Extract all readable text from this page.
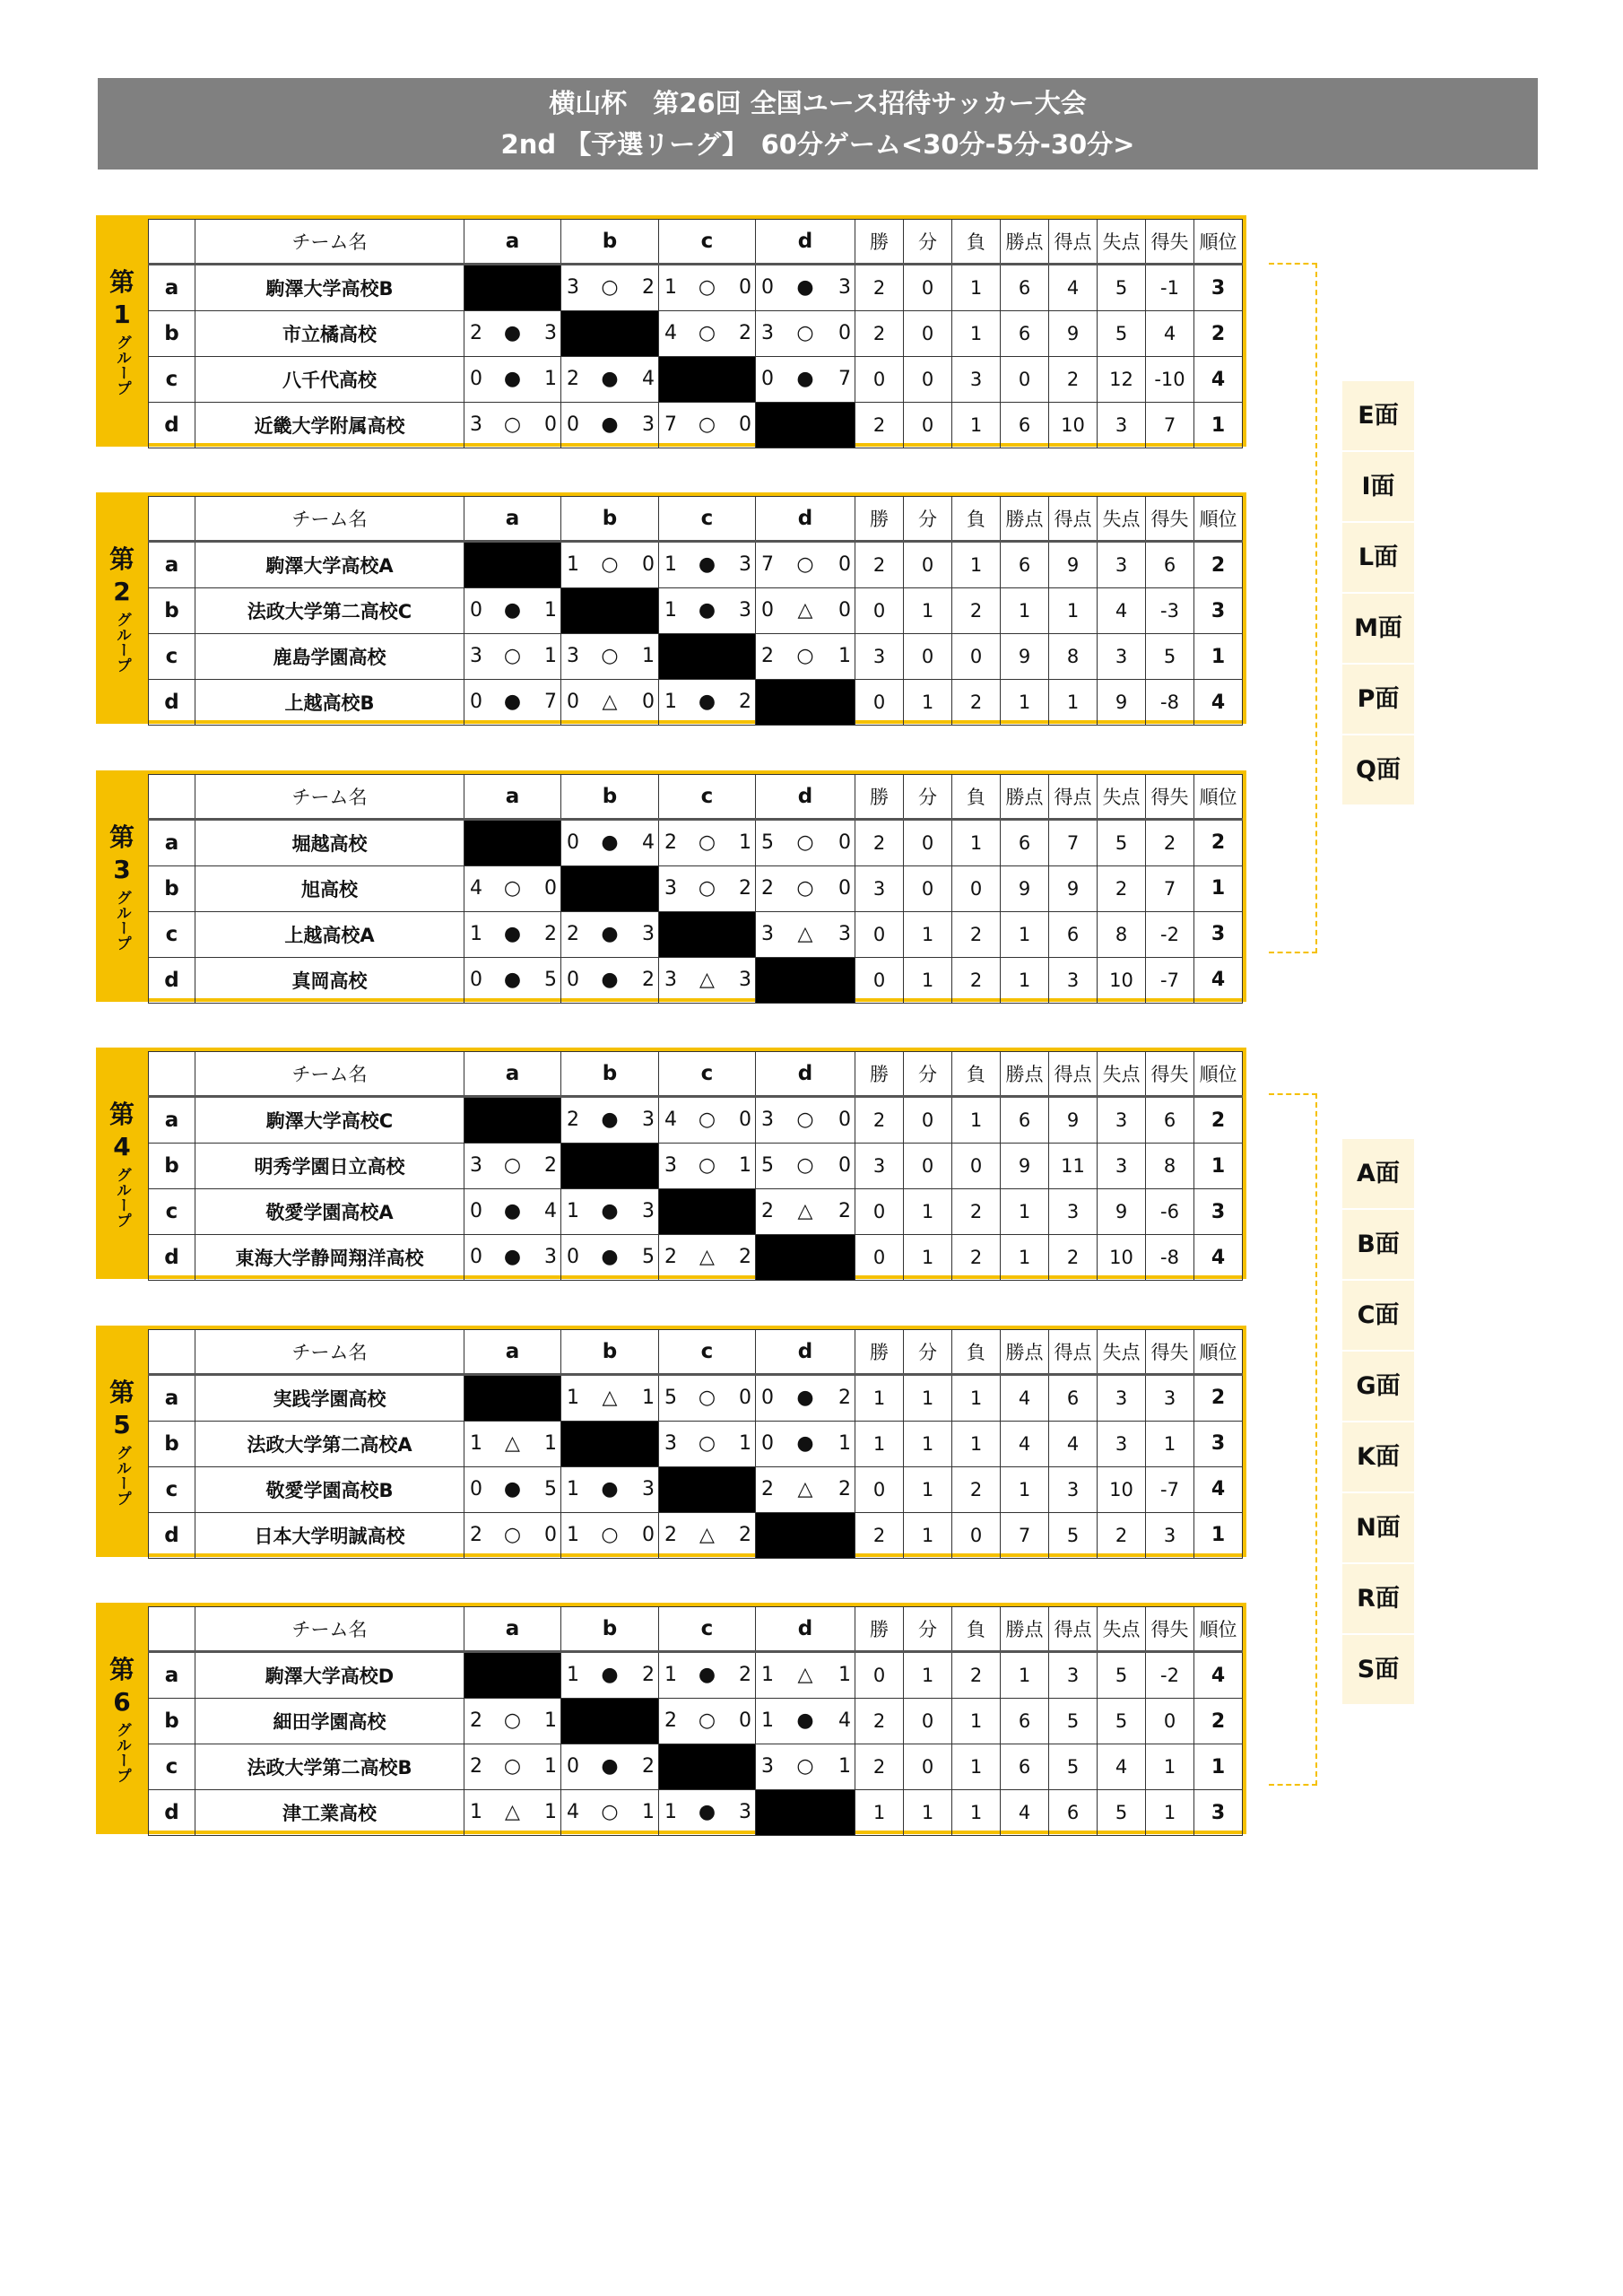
横山杯　第26回 全国ユース招待サッカー大会
2nd 【予選リーグ】　60分ゲーム<30分-5分-30分>
第
1
グループ
	チーム名	a	b	c	d	勝	分	負	勝点	得点	失点	得失	順位
a	駒澤大学高校B		3 ○ 2	1 ○ 0	0 ● 3	2	0	1	6	4	5	-1	3
b	市立橘高校	2 ● 3		4 ○ 2	3 ○ 0	2	0	1	6	9	5	4	2
c	八千代高校	0 ● 1	2 ● 4		0 ● 7	0	0	3	0	2	12	-10	4
d	近畿大学附属高校	3 ○ 0	0 ● 3	7 ○ 0		2	0	1	6	10	3	7	1
第
2
グループ
	チーム名	a	b	c	d	勝	分	負	勝点	得点	失点	得失	順位
a	駒澤大学高校A		1 ○ 0	1 ● 3	7 ○ 0	2	0	1	6	9	3	6	2
b	法政大学第二高校C	0 ● 1		1 ● 3	0 △ 0	0	1	2	1	1	4	-3	3
c	鹿島学園高校	3 ○ 1	3 ○ 1		2 ○ 1	3	0	0	9	8	3	5	1
d	上越高校B	0 ● 7	0 △ 0	1 ● 2		0	1	2	1	1	9	-8	4
第
3
グループ
	チーム名	a	b	c	d	勝	分	負	勝点	得点	失点	得失	順位
a	堀越高校		0 ● 4	2 ○ 1	5 ○ 0	2	0	1	6	7	5	2	2
b	旭高校	4 ○ 0		3 ○ 2	2 ○ 0	3	0	0	9	9	2	7	1
c	上越高校A	1 ● 2	2 ● 3		3 △ 3	0	1	2	1	6	8	-2	3
d	真岡高校	0 ● 5	0 ● 2	3 △ 3		0	1	2	1	3	10	-7	4
第
4
グループ
	チーム名	a	b	c	d	勝	分	負	勝点	得点	失点	得失	順位
a	駒澤大学高校C		2 ● 3	4 ○ 0	3 ○ 0	2	0	1	6	9	3	6	2
b	明秀学園日立高校	3 ○ 2		3 ○ 1	5 ○ 0	3	0	0	9	11	3	8	1
c	敬愛学園高校A	0 ● 4	1 ● 3		2 △ 2	0	1	2	1	3	9	-6	3
d	東海大学静岡翔洋高校	0 ● 3	0 ● 5	2 △ 2		0	1	2	1	2	10	-8	4
第
5
グループ
	チーム名	a	b	c	d	勝	分	負	勝点	得点	失点	得失	順位
a	実践学園高校		1 △ 1	5 ○ 0	0 ● 2	1	1	1	4	6	3	3	2
b	法政大学第二高校A	1 △ 1		3 ○ 1	0 ● 1	1	1	1	4	4	3	1	3
c	敬愛学園高校B	0 ● 5	1 ● 3		2 △ 2	0	1	2	1	3	10	-7	4
d	日本大学明誠高校	2 ○ 0	1 ○ 0	2 △ 2		2	1	0	7	5	2	3	1
第
6
グループ
	チーム名	a	b	c	d	勝	分	負	勝点	得点	失点	得失	順位
a	駒澤大学高校D		1 ● 2	1 ● 2	1 △ 1	0	1	2	1	3	5	-2	4
b	細田学園高校	2 ○ 1		2 ○ 0	1 ● 4	2	0	1	6	5	5	0	2
c	法政大学第二高校B	2 ○ 1	0 ● 2		3 ○ 1	2	0	1	6	5	4	1	1
d	津工業高校	1 △ 1	4 ○ 1	1 ● 3		1	1	1	4	6	5	1	3
E面
I面
L面
M面
P面
Q面
A面
B面
C面
G面
K面
N面
R面
S面
